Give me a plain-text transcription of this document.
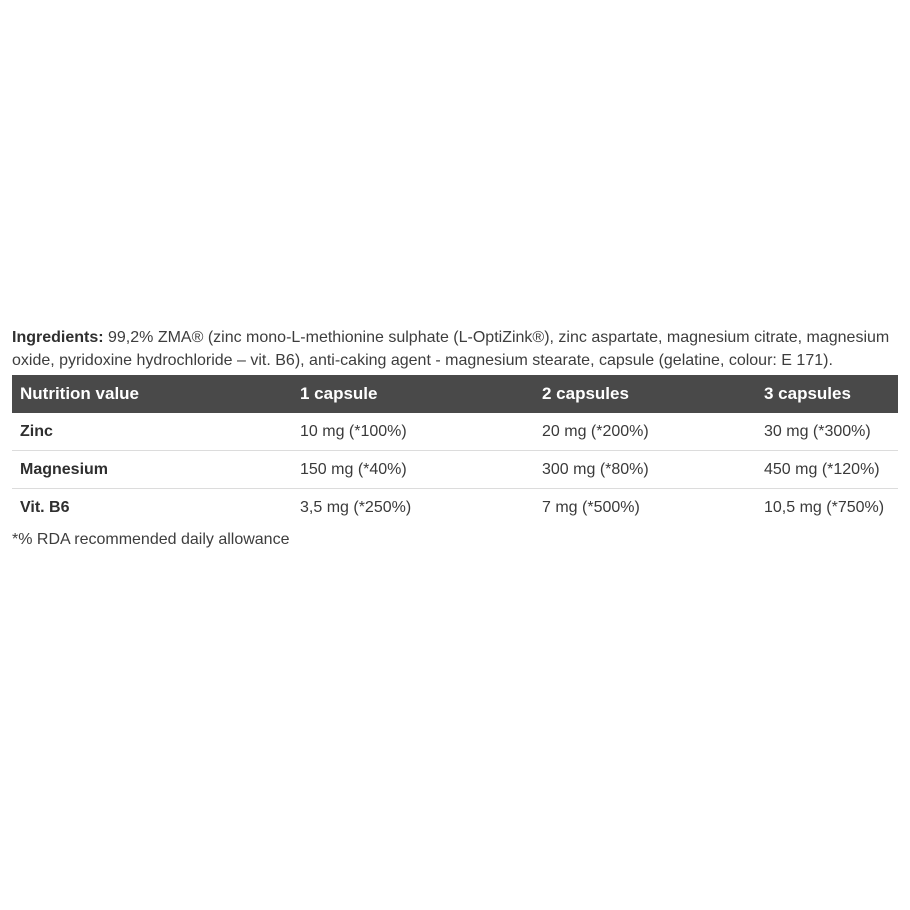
Ingredients: 99,2% ZMA® (zinc mono-L-methionine sulphate (L-OptiZink®), zinc aspartate, magnesium citrate, magnesium oxide, pyridoxine hydrochloride – vit. B6), anti-caking agent - magnesium stearate, capsule (gelatine, colour: E 171).

Nutrition value	1 capsule	2 capsules	3 capsules
Zinc	10 mg (*100%)	20 mg (*200%)	30 mg (*300%)
Magnesium	150 mg (*40%)	300 mg (*80%)	450 mg (*120%)
Vit. B6	3,5 mg (*250%)	7 mg (*500%)	10,5 mg (*750%)
*% RDA recommended daily allowance
